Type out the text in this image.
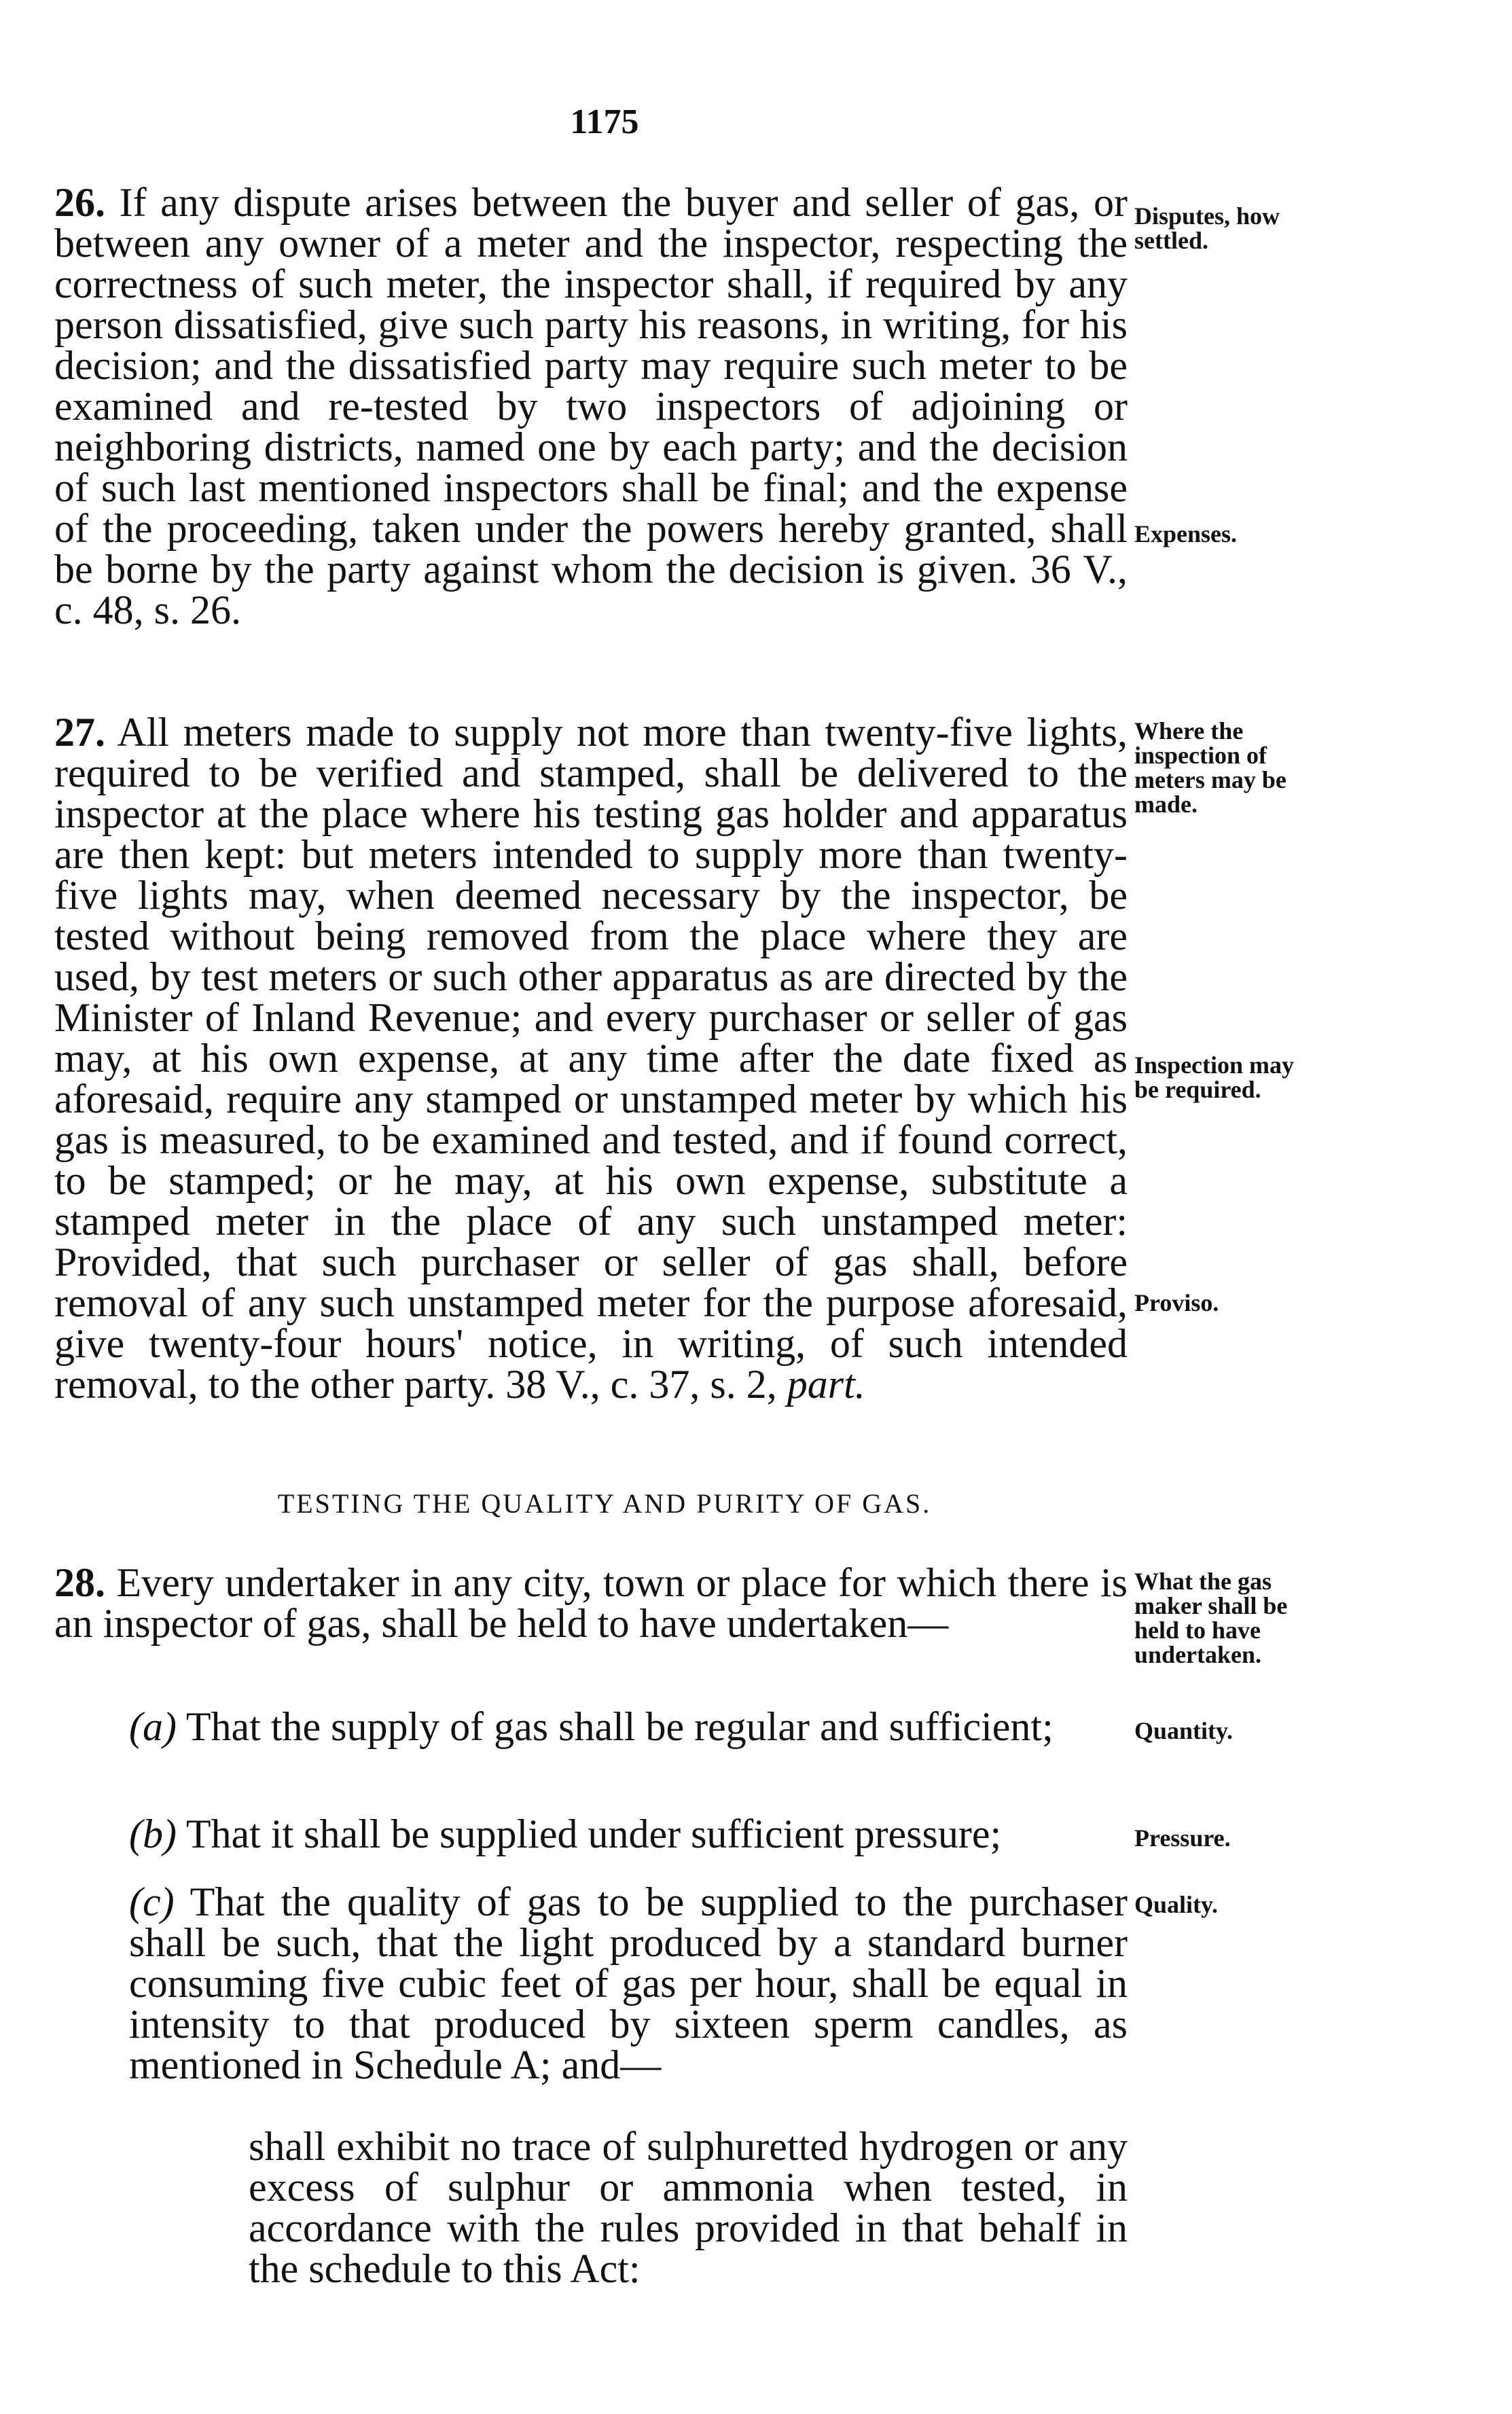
1175
26. If any dispute arises between the buyer and seller of gas, or between any owner of a meter and the inspector, respecting the correctness of such meter, the inspector shall, if required by any person dissatisfied, give such party his reasons, in writing, for his decision; and the dissatisfied party may require such meter to be examined and re-tested by two inspectors of adjoining or neighboring districts, named one by each party; and the decision of such last mentioned inspectors shall be final; and the expense of the proceeding, taken under the powers hereby granted, shall be borne by the party against whom the decision is given. 36 V., c. 48, s. 26.
Disputes, how settled.
Expenses.
27. All meters made to supply not more than twenty-five lights, required to be verified and stamped, shall be delivered to the inspector at the place where his testing gas holder and apparatus are then kept: but meters intended to supply more than twenty-five lights may, when deemed necessary by the inspector, be tested without being removed from the place where they are used, by test meters or such other apparatus as are directed by the Minister of Inland Revenue; and every purchaser or seller of gas may, at his own expense, at any time after the date fixed as aforesaid, require any stamped or unstamped meter by which his gas is measured, to be examined and tested, and if found correct, to be stamped; or he may, at his own expense, substitute a stamped meter in the place of any such unstamped meter: Provided, that such purchaser or seller of gas shall, before removal of any such unstamped meter for the purpose aforesaid, give twenty-four hours' notice, in writing, of such intended removal, to the other party. 38 V., c. 37, s. 2, part.
Where the inspection of meters may be made.
Inspection may be required.
Proviso.
TESTING THE QUALITY AND PURITY OF GAS.
28. Every undertaker in any city, town or place for which there is an inspector of gas, shall be held to have undertaken—
What the gas maker shall be held to have undertaken.
(a) That the supply of gas shall be regular and sufficient;	Quantity.
(b) That it shall be supplied under sufficient pressure;	Pressure.
(c) That the quality of gas to be supplied to the purchaser shall be such, that the light produced by a standard burner consuming five cubic feet of gas per hour, shall be equal in intensity to that produced by sixteen sperm candles, as mentioned in Schedule A; and—
Quality.
shall exhibit no trace of sulphuretted hydrogen or any excess of sulphur or ammonia when tested, in accordance with the rules provided in that behalf in the schedule to this Act:
